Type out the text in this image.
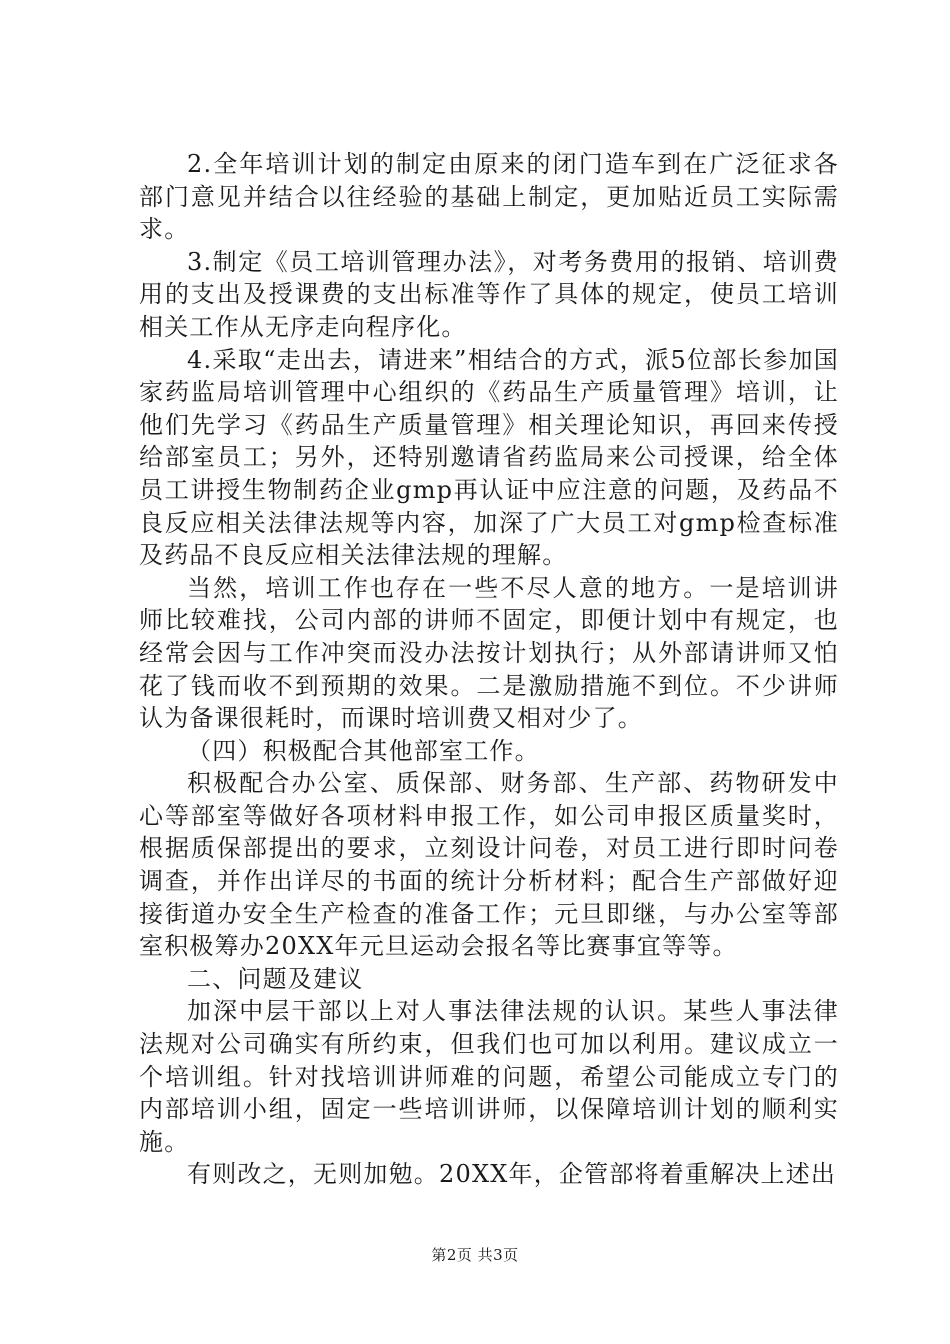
2.全年培训计划的制定由原来的闭门造车到在广泛征求各部门意见并结合以往经验的基础上制定，更加贴近员工实际需求。

3.制定《员工培训管理办法》，对考务费用的报销、培训费用的支出及授课费的支出标准等作了具体的规定，使员工培训相关工作从无序走向程序化。

4.采取“走出去，请进来”相结合的方式，派5位部长参加国家药监局培训管理中心组织的《药品生产质量管理》培训，让他们先学习《药品生产质量管理》相关理论知识，再回来传授给部室员工；另外，还特别邀请省药监局来公司授课，给全体员工讲授生物制药企业gmp再认证中应注意的问题，及药品不良反应相关法律法规等内容，加深了广大员工对gmp检查标准及药品不良反应相关法律法规的理解。

当然，培训工作也存在一些不尽人意的地方。一是培训讲师比较难找，公司内部的讲师不固定，即便计划中有规定，也经常会因与工作冲突而没办法按计划执行；从外部请讲师又怕花了钱而收不到预期的效果。二是激励措施不到位。不少讲师认为备课很耗时，而课时培训费又相对少了。

（四）积极配合其他部室工作。

积极配合办公室、质保部、财务部、生产部、药物研发中心等部室等做好各项材料申报工作，如公司申报区质量奖时，根据质保部提出的要求，立刻设计问卷，对员工进行即时问卷调查，并作出详尽的书面的统计分析材料；配合生产部做好迎接街道办安全生产检查的准备工作；元旦即继，与办公室等部室积极筹办20XX年元旦运动会报名等比赛事宜等等。

二、问题及建议

加深中层干部以上对人事法律法规的认识。某些人事法律法规对公司确实有所约束，但我们也可加以利用。建议成立一个培训组。针对找培训讲师难的问题，希望公司能成立专门的内部培训小组，固定一些培训讲师，以保障培训计划的顺利实施。

有则改之，无则加勉。20XX年，企管部将着重解决上述出

第2页 共3页
